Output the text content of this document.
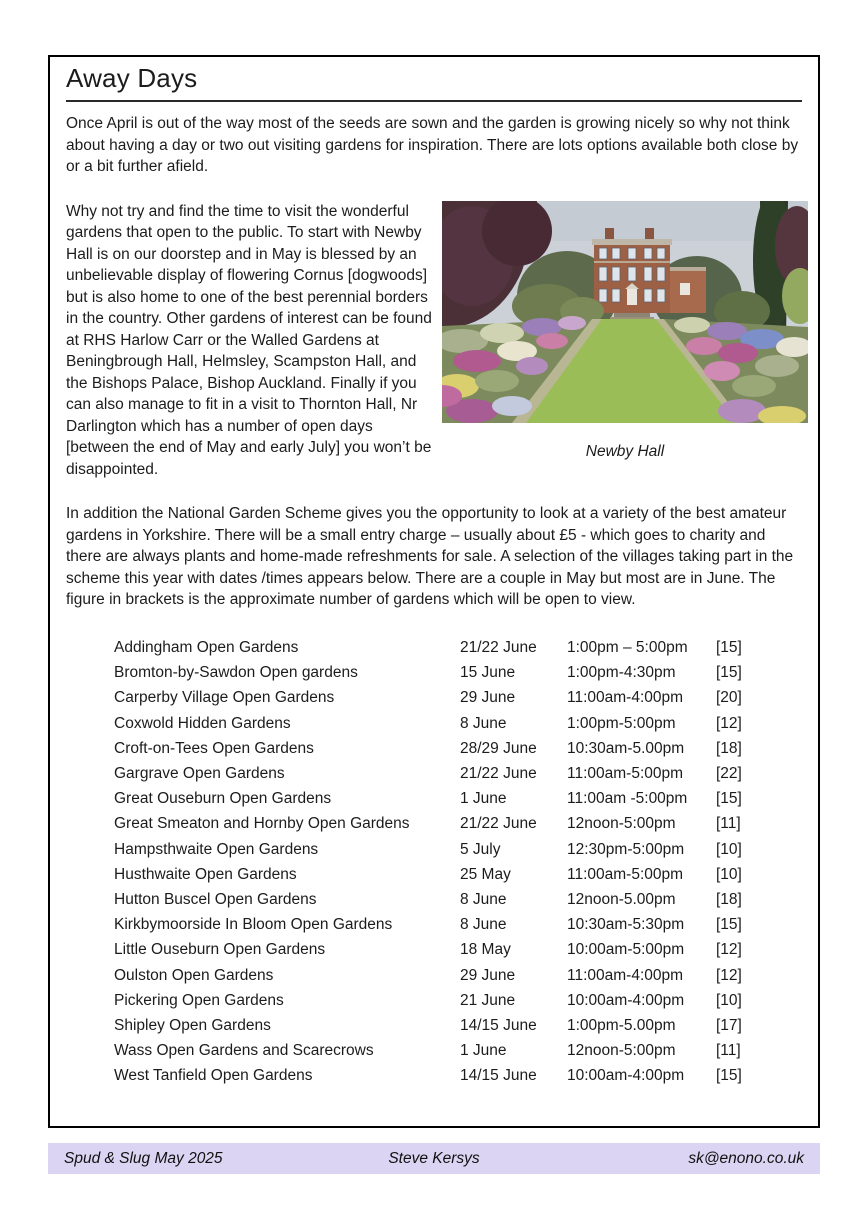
Away Days

Once April is out of the way most of the seeds are sown and the garden is growing nicely so why not think about having a day or two out visiting gardens for inspiration. There are lots options available both close by or a bit further afield.

Why not try and find the time to visit the wonderful gardens that open to the public. To start with Newby Hall is on our doorstep and in May is blessed by an unbelievable display of flowering Cornus [dogwoods] but is also home to one of the best perennial borders in the country. Other gardens of interest can be found at RHS Harlow Carr or the Walled Gardens at Beningbrough Hall, Helmsley, Scampston Hall, and the Bishops Palace, Bishop Auckland. Finally if you can also manage to fit in a visit to Thornton Hall, Nr Darlington which has a number of open days [between the end of May and early July] you won’t be disappointed.

Newby Hall

In addition the National Garden Scheme gives you the opportunity to look at a variety of the best amateur gardens in Yorkshire. There will be a small entry charge – usually about £5 - which goes to charity and there are always plants and home-made refreshments for sale. A selection of the villages taking part in the scheme this year with dates /times appears below. There are a couple in May but most are in June. The figure in brackets is the approximate number of gardens which will be open to view.

Addingham Open Gardens	21/22 June	1:00pm – 5:00pm	[15]
Bromton-by-Sawdon Open gardens	15 June	1:00pm-4:30pm	[15]
Carperby Village Open Gardens	29 June	11:00am-4:00pm	[20]
Coxwold Hidden Gardens	8 June	1:00pm-5:00pm	[12]
Croft-on-Tees Open Gardens	28/29 June	10:30am-5.00pm	[18]
Gargrave Open Gardens	21/22 June	11:00am-5:00pm	[22]
Great Ouseburn Open Gardens	1 June	11:00am -5:00pm	[15]
Great Smeaton and Hornby Open Gardens	21/22 June	12noon-5:00pm	[11]
Hampsthwaite Open Gardens	5 July	12:30pm-5:00pm	[10]
Husthwaite Open Gardens	25 May	11:00am-5:00pm	[10]
Hutton Buscel Open Gardens	8 June	12noon-5.00pm	[18]
Kirkbymoorside In Bloom Open Gardens	8 June	10:30am-5:30pm	[15]
Little Ouseburn Open Gardens	18 May	10:00am-5:00pm	[12]
Oulston Open Gardens	29 June	11:00am-4:00pm	[12]
Pickering Open Gardens	21 June	10:00am-4:00pm	[10]
Shipley Open Gardens	14/15 June	1:00pm-5.00pm	[17]
Wass Open Gardens and Scarecrows	1 June	12noon-5:00pm	[11]
West Tanfield Open Gardens	14/15 June	10:00am-4:00pm	[15]
Spud & Slug May 2025	Steve Kersys	sk@enono.co.uk
